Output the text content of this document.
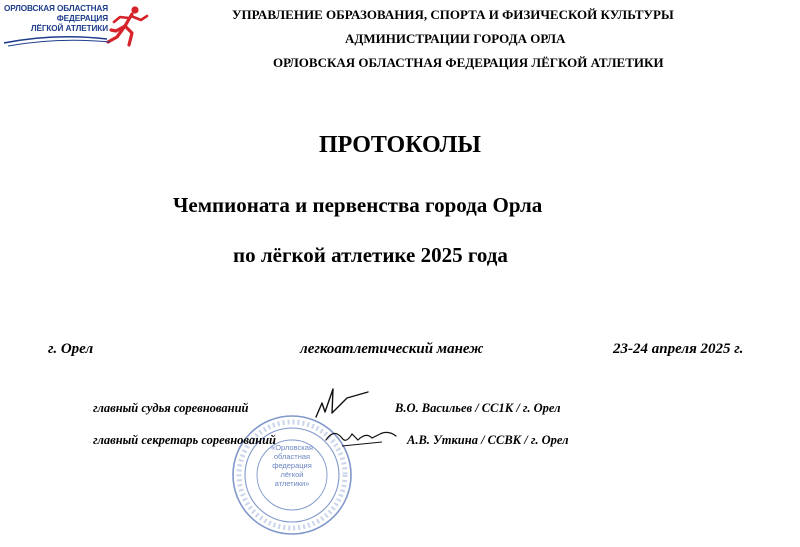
ОРЛОВСКАЯ ОБЛАСТНАЯ
ФЕДЕРАЦИЯ
ЛЁГКОЙ АТЛЕТИКИ
УПРАВЛЕНИЕ ОБРАЗОВАНИЯ, СПОРТА И ФИЗИЧЕСКОЙ КУЛЬТУРЫ
АДМИНИСТРАЦИИ ГОРОДА ОРЛА
ОРЛОВСКАЯ ОБЛАСТНАЯ ФЕДЕРАЦИЯ ЛЁГКОЙ АТЛЕТИКИ
ПРОТОКОЛЫ
Чемпионата и первенства города Орла
по лёгкой атлетике 2025 года
г. Орел	легкоатлетический манеж	23-24 апреля 2025 г.
«Орловская
областная
федерация
лёгкой
атлетики»
главный судья соревнований	В.О. Васильев / СС1К / г. Орел
главный секретарь соревнований	А.В. Уткина / ССВК / г. Орел
